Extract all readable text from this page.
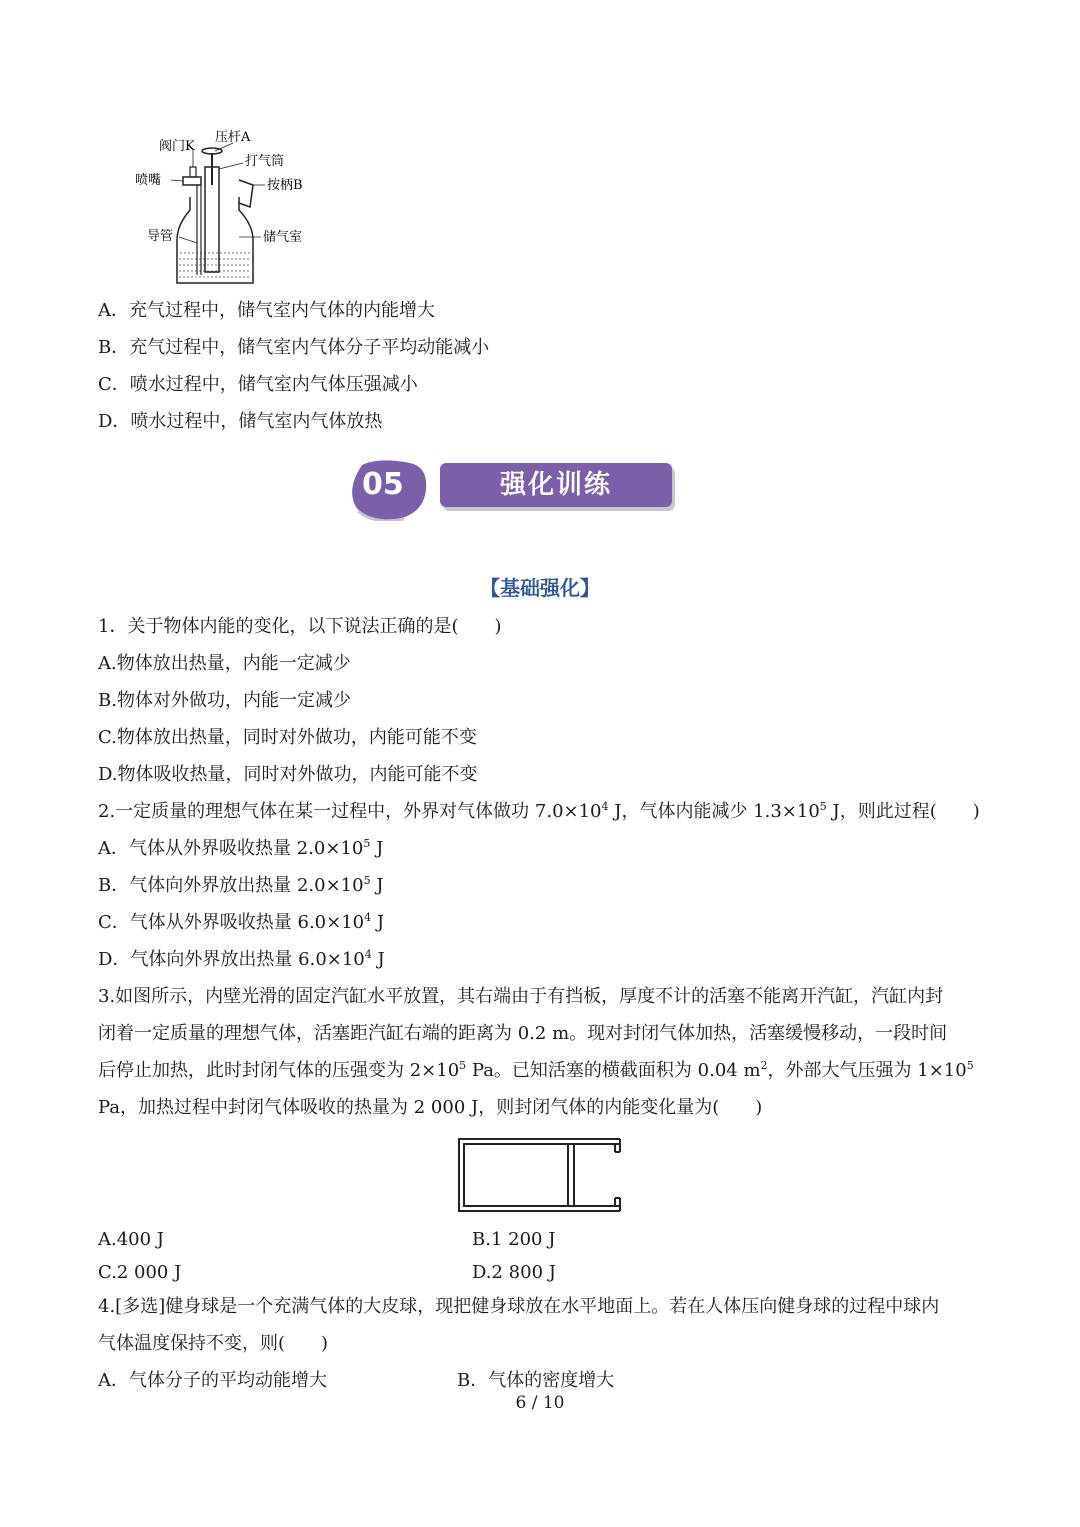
压杆A
阀门K
打气筒
喷嘴	按柄B
导管	储气室
A．充气过程中，储气室内气体的内能增大
B．充气过程中，储气室内气体分子平均动能减小
C．喷水过程中，储气室内气体压强减小
D．喷水过程中，储气室内气体放热
05	强化训练
【基础强化】
1．关于物体内能的变化，以下说法正确的是(　　)
A.物体放出热量，内能一定减少
B.物体对外做功，内能一定减少
C.物体放出热量，同时对外做功，内能可能不变
D.物体吸收热量，同时对外做功，内能可能不变
2.一定质量的理想气体在某一过程中，外界对气体做功 $7.0\times 10^4$ J，气体内能减少 $1.3\times 10^5$ J，则此过程(　　)
A．气体从外界吸收热量 $2.0\times 10^5$ J
B．气体向外界放出热量 $2.0\times 10^5$ J
C．气体从外界吸收热量 $6.0\times 10^4$ J
D．气体向外界放出热量 $6.0\times 10^4$ J
3.如图所示，内壁光滑的固定汽缸水平放置，其右端由于有挡板，厚度不计的活塞不能离开汽缸，汽缸内封
闭着一定质量的理想气体，活塞距汽缸右端的距离为 0.2 m。现对封闭气体加热，活塞缓慢移动，一段时间
后停止加热，此时封闭气体的压强变为 $2\times 10^5$ Pa。已知活塞的横截面积为 0.04 $m^2$，外部大气压强为 $1\times 10^5$
Pa，加热过程中封闭气体吸收的热量为 2 000 J，则封闭气体的内能变化量为(　　)
A.400 J	B.1 200 J
C.2 000 J	D.2 800 J
4.[多选]健身球是一个充满气体的大皮球，现把健身球放在水平地面上。若在人体压向健身球的过程中球内
气体温度保持不变，则(　　)
A．气体分子的平均动能增大	B．气体的密度增大
6 / 10
